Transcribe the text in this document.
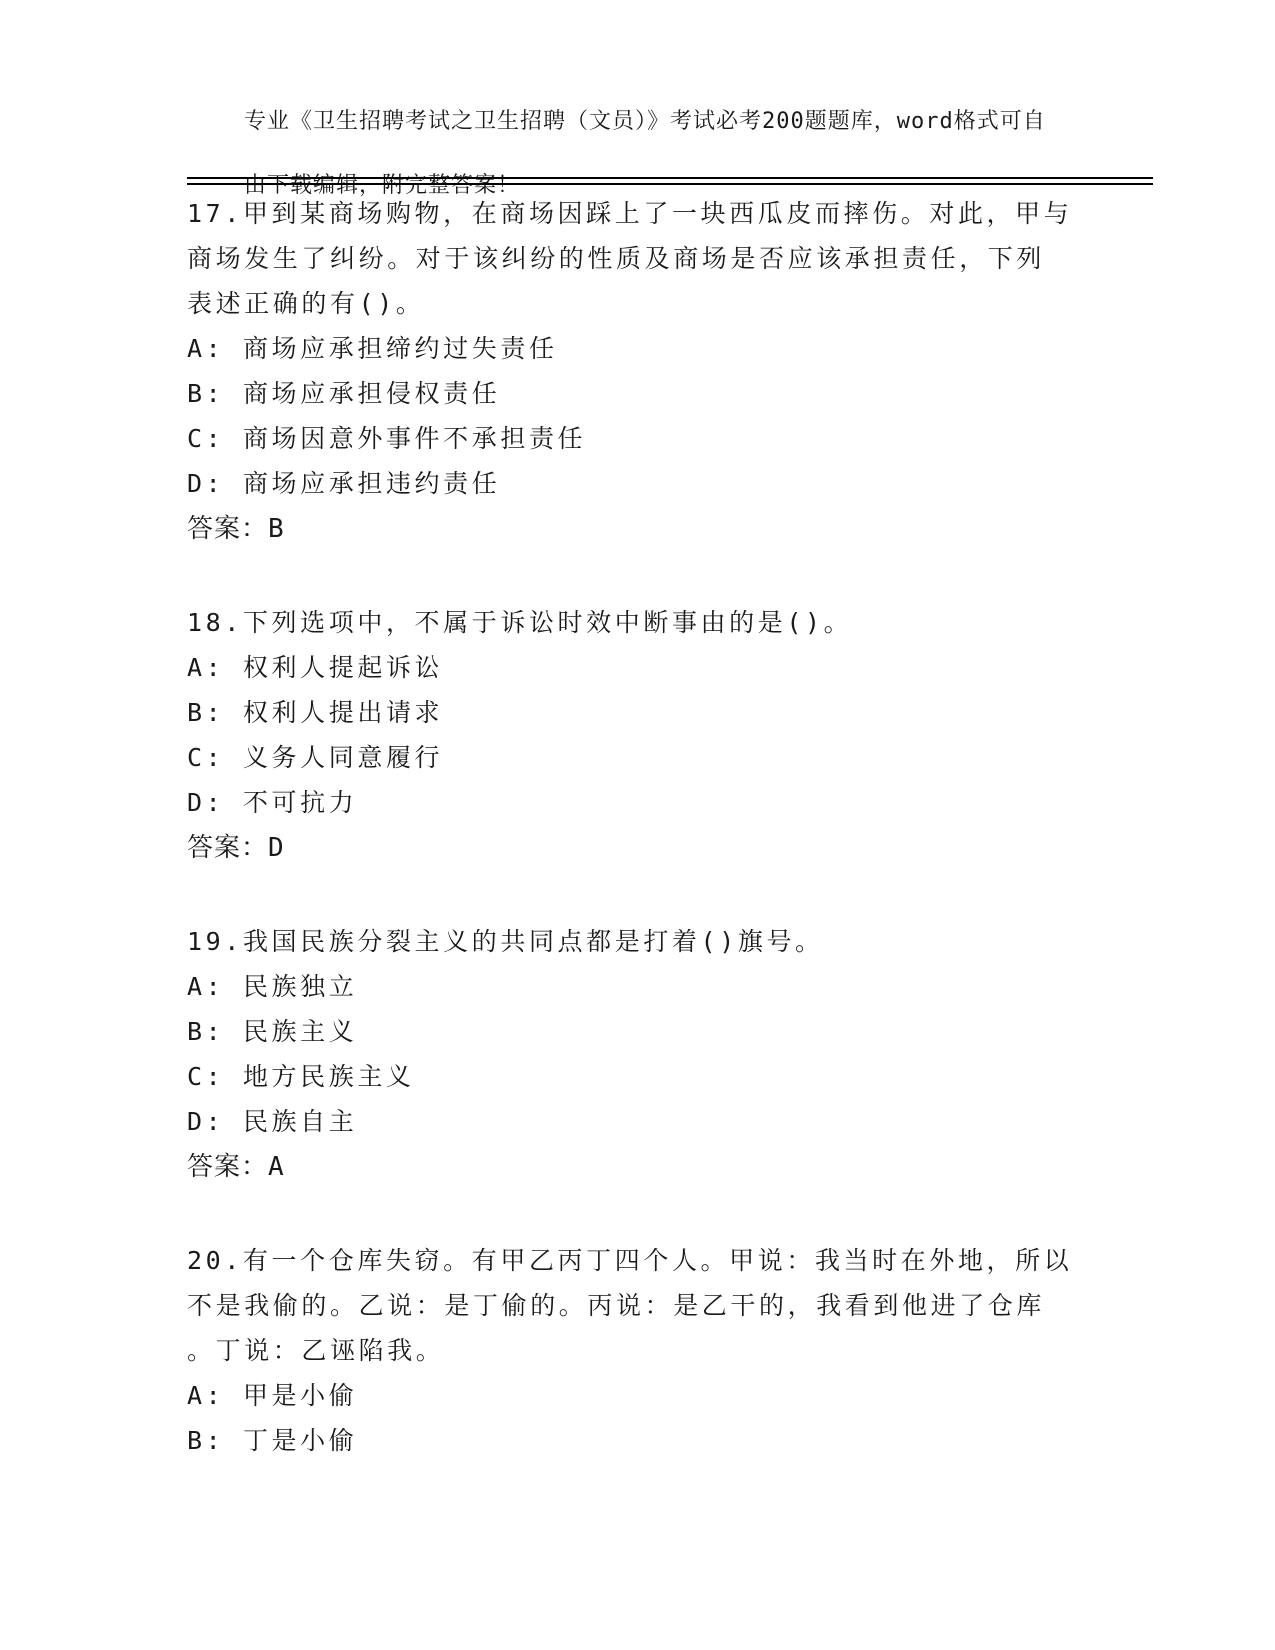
专业《卫生招聘考试之卫生招聘（文员）》考试必考200题题库，word格式可自

由下载编辑，附完整答案！

17.甲到某商场购物，在商场因踩上了一块西瓜皮而摔伤。对此，甲与
商场发生了纠纷。对于该纠纷的性质及商场是否应该承担责任，下列
表述正确的有()。
A: 商场应承担缔约过失责任
B: 商场应承担侵权责任
C: 商场因意外事件不承担责任
D: 商场应承担违约责任
答案：B
18.下列选项中，不属于诉讼时效中断事由的是()。
A: 权利人提起诉讼
B: 权利人提出请求
C: 义务人同意履行
D: 不可抗力
答案：D
19.我国民族分裂主义的共同点都是打着()旗号。
A: 民族独立
B: 民族主义
C: 地方民族主义
D: 民族自主
答案：A
20.有一个仓库失窃。有甲乙丙丁四个人。甲说：我当时在外地，所以
不是我偷的。乙说：是丁偷的。丙说：是乙干的，我看到他进了仓库
。丁说：乙诬陷我。
A: 甲是小偷
B: 丁是小偷
